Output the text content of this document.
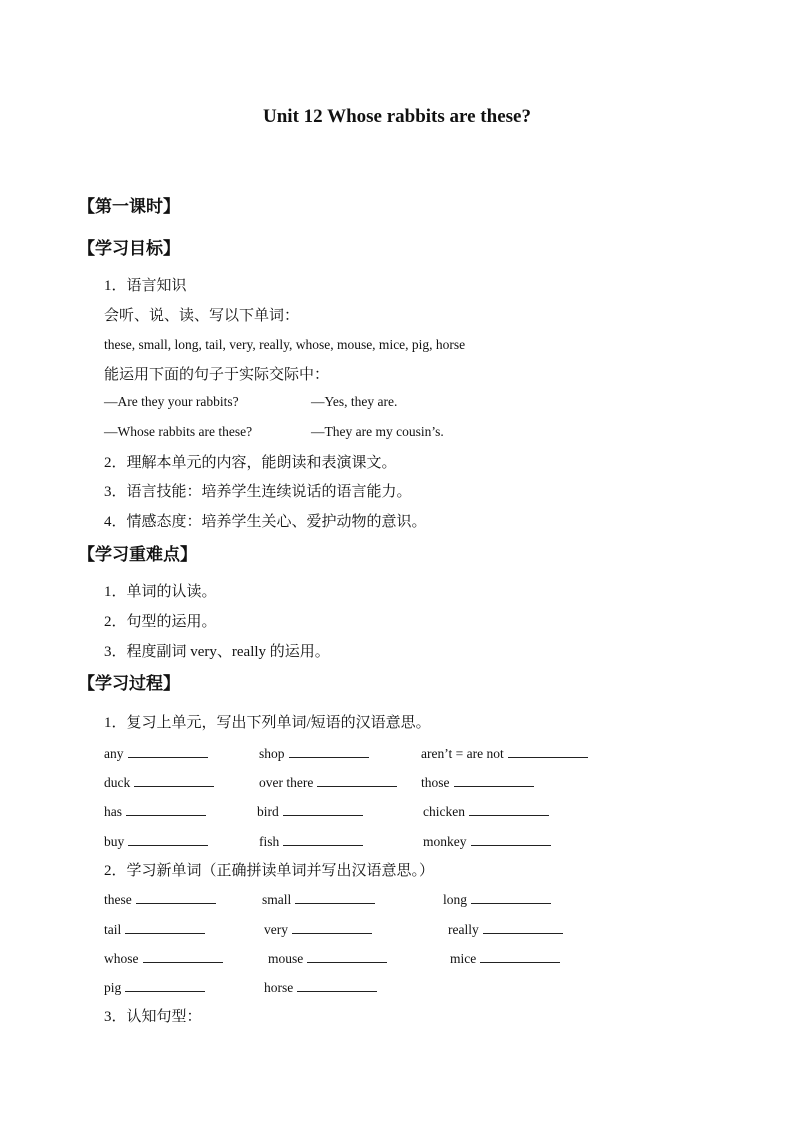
Unit 12 Whose rabbits are these?
【第一课时】
【学习目标】
1．语言知识
会听、说、读、写以下单词：
these, small, long, tail, very, really, whose, mouse, mice, pig, horse
能运用下面的句子于实际交际中：
—Are they your rabbits?	—Yes, they are.
—Whose rabbits are these?	—They are my cousin’s.
2．理解本单元的内容，能朗读和表演课文。
3．语言技能：培养学生连续说话的语言能力。
4．情感态度：培养学生关心、爱护动物的意识。
【学习重难点】
1．单词的认读。
2．句型的运用。
3．程度副词 very、really 的运用。
【学习过程】
1．复习上单元，写出下列单词/短语的汉语意思。
any	shop	aren’t = are not
duck	over there	those
has	bird	chicken
buy	fish	monkey
2．学习新单词（正确拼读单词并写出汉语意思。）
these	small	long
tail	very	really
whose	mouse	mice
pig	horse
3．认知句型：
